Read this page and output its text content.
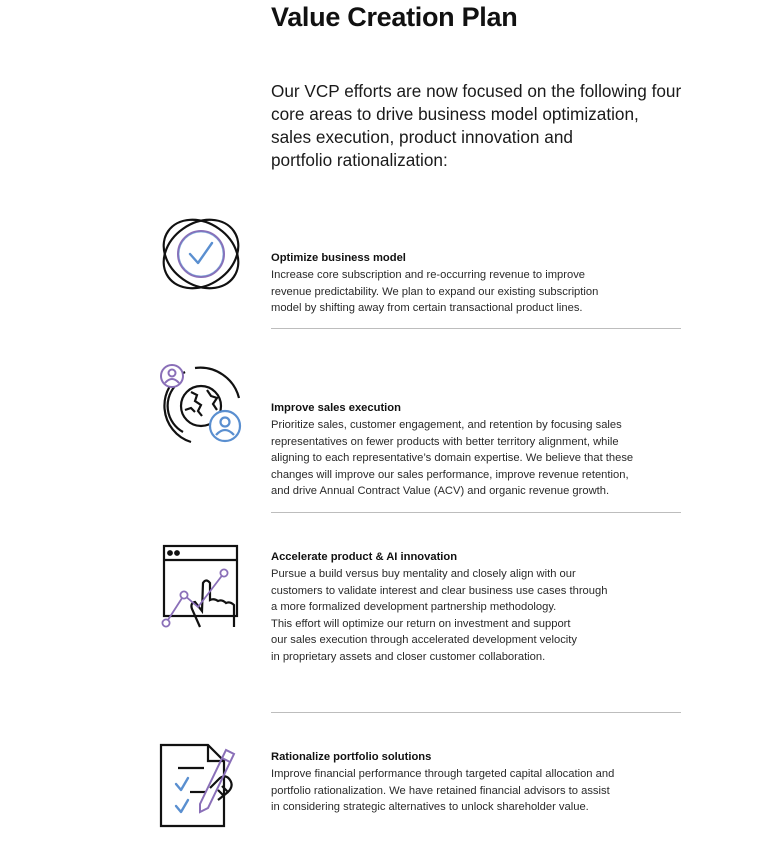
Value Creation Plan

Our VCP efforts are now focused on the following four
core areas to drive business model optimization,
sales execution, product innovation and
portfolio rationalization:

Optimize business model

Increase core subscription and re-occurring revenue to improve
revenue predictability. We plan to expand our existing subscription
model by shifting away from certain transactional product lines.

Improve sales execution

Prioritize sales, customer engagement, and retention by focusing sales
representatives on fewer products with better territory alignment, while
aligning to each representative’s domain expertise. We believe that these
changes will improve our sales performance, improve revenue retention,
and drive Annual Contract Value (ACV) and organic revenue growth.

Accelerate product & AI innovation

Pursue a build versus buy mentality and closely align with our
customers to validate interest and clear business use cases through
a more formalized development partnership methodology.
This effort will optimize our return on investment and support
our sales execution through accelerated development velocity
in proprietary assets and closer customer collaboration.

Rationalize portfolio solutions

Improve financial performance through targeted capital allocation and
portfolio rationalization. We have retained financial advisors to assist
in considering strategic alternatives to unlock shareholder value.
